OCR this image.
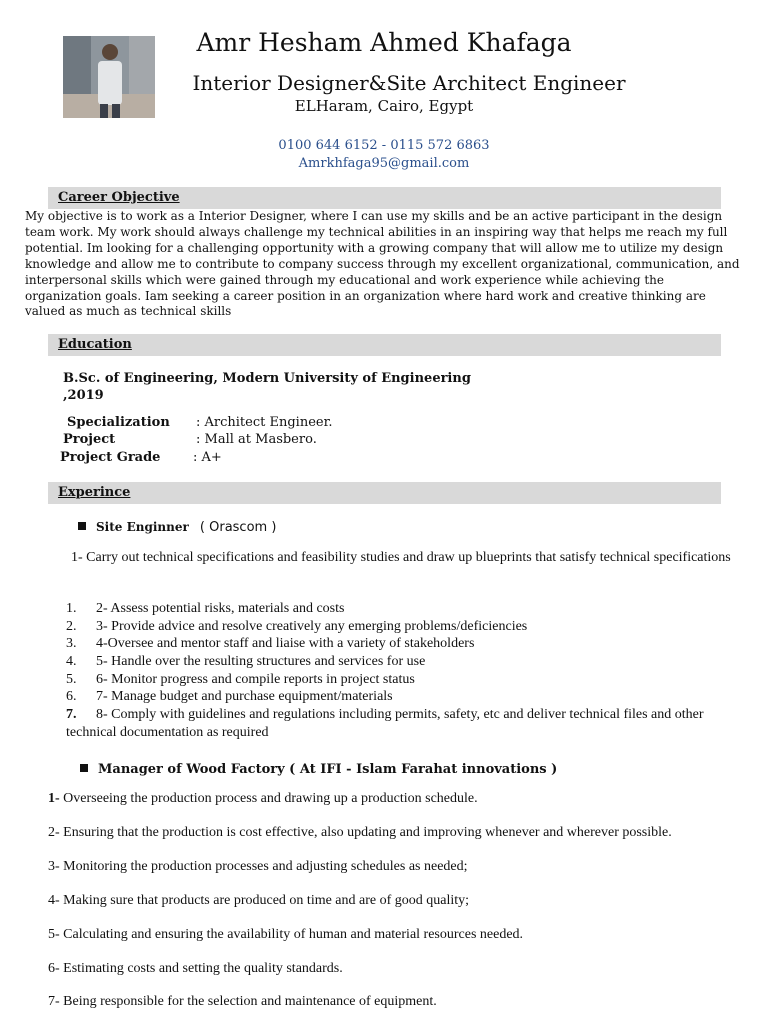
Amr Hesham Ahmed Khafaga
Interior Designer&Site Architect Engineer
ELHaram, Cairo, Egypt
0100 644 6152 - 0115 572 6863
Amrkhfaga95@gmail.com
Career Objective
My objective is to work as a Interior Designer, where I can use my skills and be an active participant in the design team work. My work should always challenge my technical abilities in an inspiring way that helps me reach my full potential. Im looking for a challenging opportunity with a growing company that will allow me to utilize my design knowledge and allow me to contribute to company success through my excellent organizational, communication, and interpersonal skills which were gained through my educational and work experience while achieving the organization goals. Iam seeking a career position in an organization where hard work and creative thinking are valued as much as technical skills
Education
B.Sc. of Engineering, Modern University of Engineering
,2019
Specialization : Architect Engineer.
Project	: Mall at Masbero.
Project Grade	: A+
Experince
Site Enginner ( Orascom )
1- Carry out technical specifications and feasibility studies and draw up blueprints that satisfy technical specifications
1. 2- Assess potential risks, materials and costs
2. 3- Provide advice and resolve creatively any emerging problems/deficiencies
3. 4-Oversee and mentor staff and liaise with a variety of stakeholders
4. 5- Handle over the resulting structures and services for use
5. 6- Monitor progress and compile reports in project status
6. 7- Manage budget and purchase equipment/materials
7. 8- Comply with guidelines and regulations including permits, safety, etc and deliver technical files and other technical documentation as required
Manager of Wood Factory ( At IFI - Islam Farahat innovations )
1- Overseeing the production process and drawing up a production schedule.
2- Ensuring that the production is cost effective, also updating and improving whenever and wherever possible.
3- Monitoring the production processes and adjusting schedules as needed;
4- Making sure that products are produced on time and are of good quality;
5- Calculating and ensuring the availability of human and material resources needed.
6- Estimating costs and setting the quality standards.
7- Being responsible for the selection and maintenance of equipment.
